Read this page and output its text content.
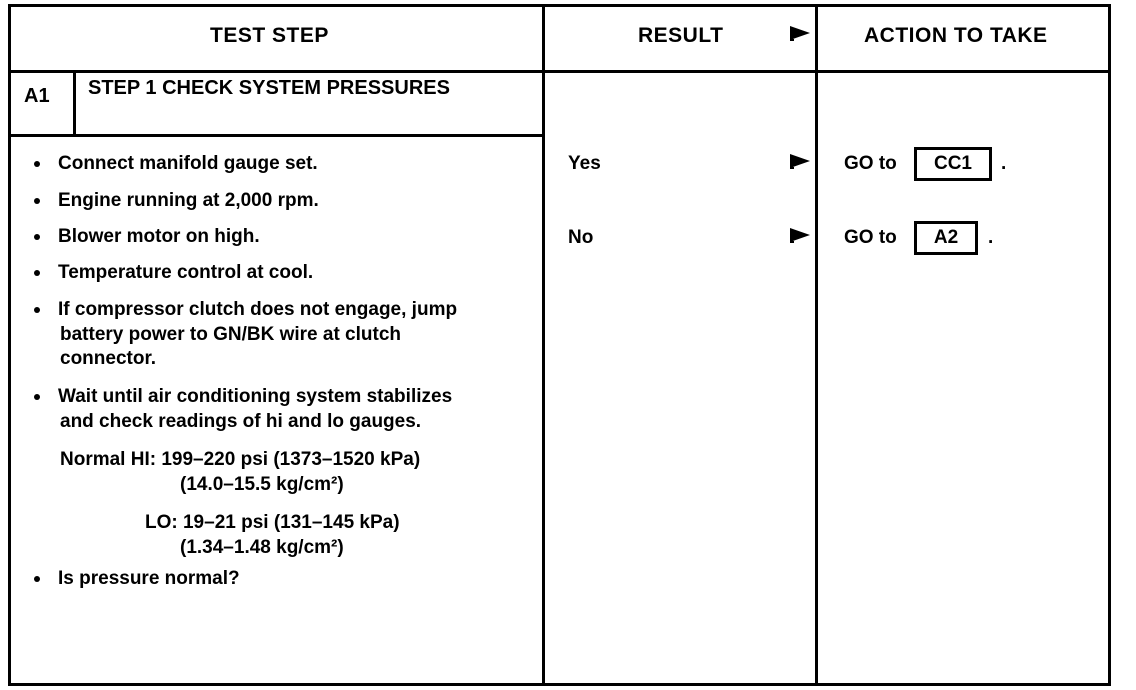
TEST STEP	RESULT	ACTION TO TAKE
A1 STEP 1 CHECK SYSTEM PRESSURES
Connect manifold gauge set.
Engine running at 2,000 rpm.
Blower motor on high.
Temperature control at cool.
If compressor clutch does not engage, jump
battery power to GN/BK wire at clutch
connector.
Wait until air conditioning system stabilizes
and check readings of hi and lo gauges.
Normal HI: 199–220 psi (1373–1520 kPa)
(14.0–15.5 kg/cm²)
LO: 19–21 psi (131–145 kPa)
(1.34–1.48 kg/cm²)
Is pressure normal?
Yes	GO to	CC1	.
No	GO to	A2	.
